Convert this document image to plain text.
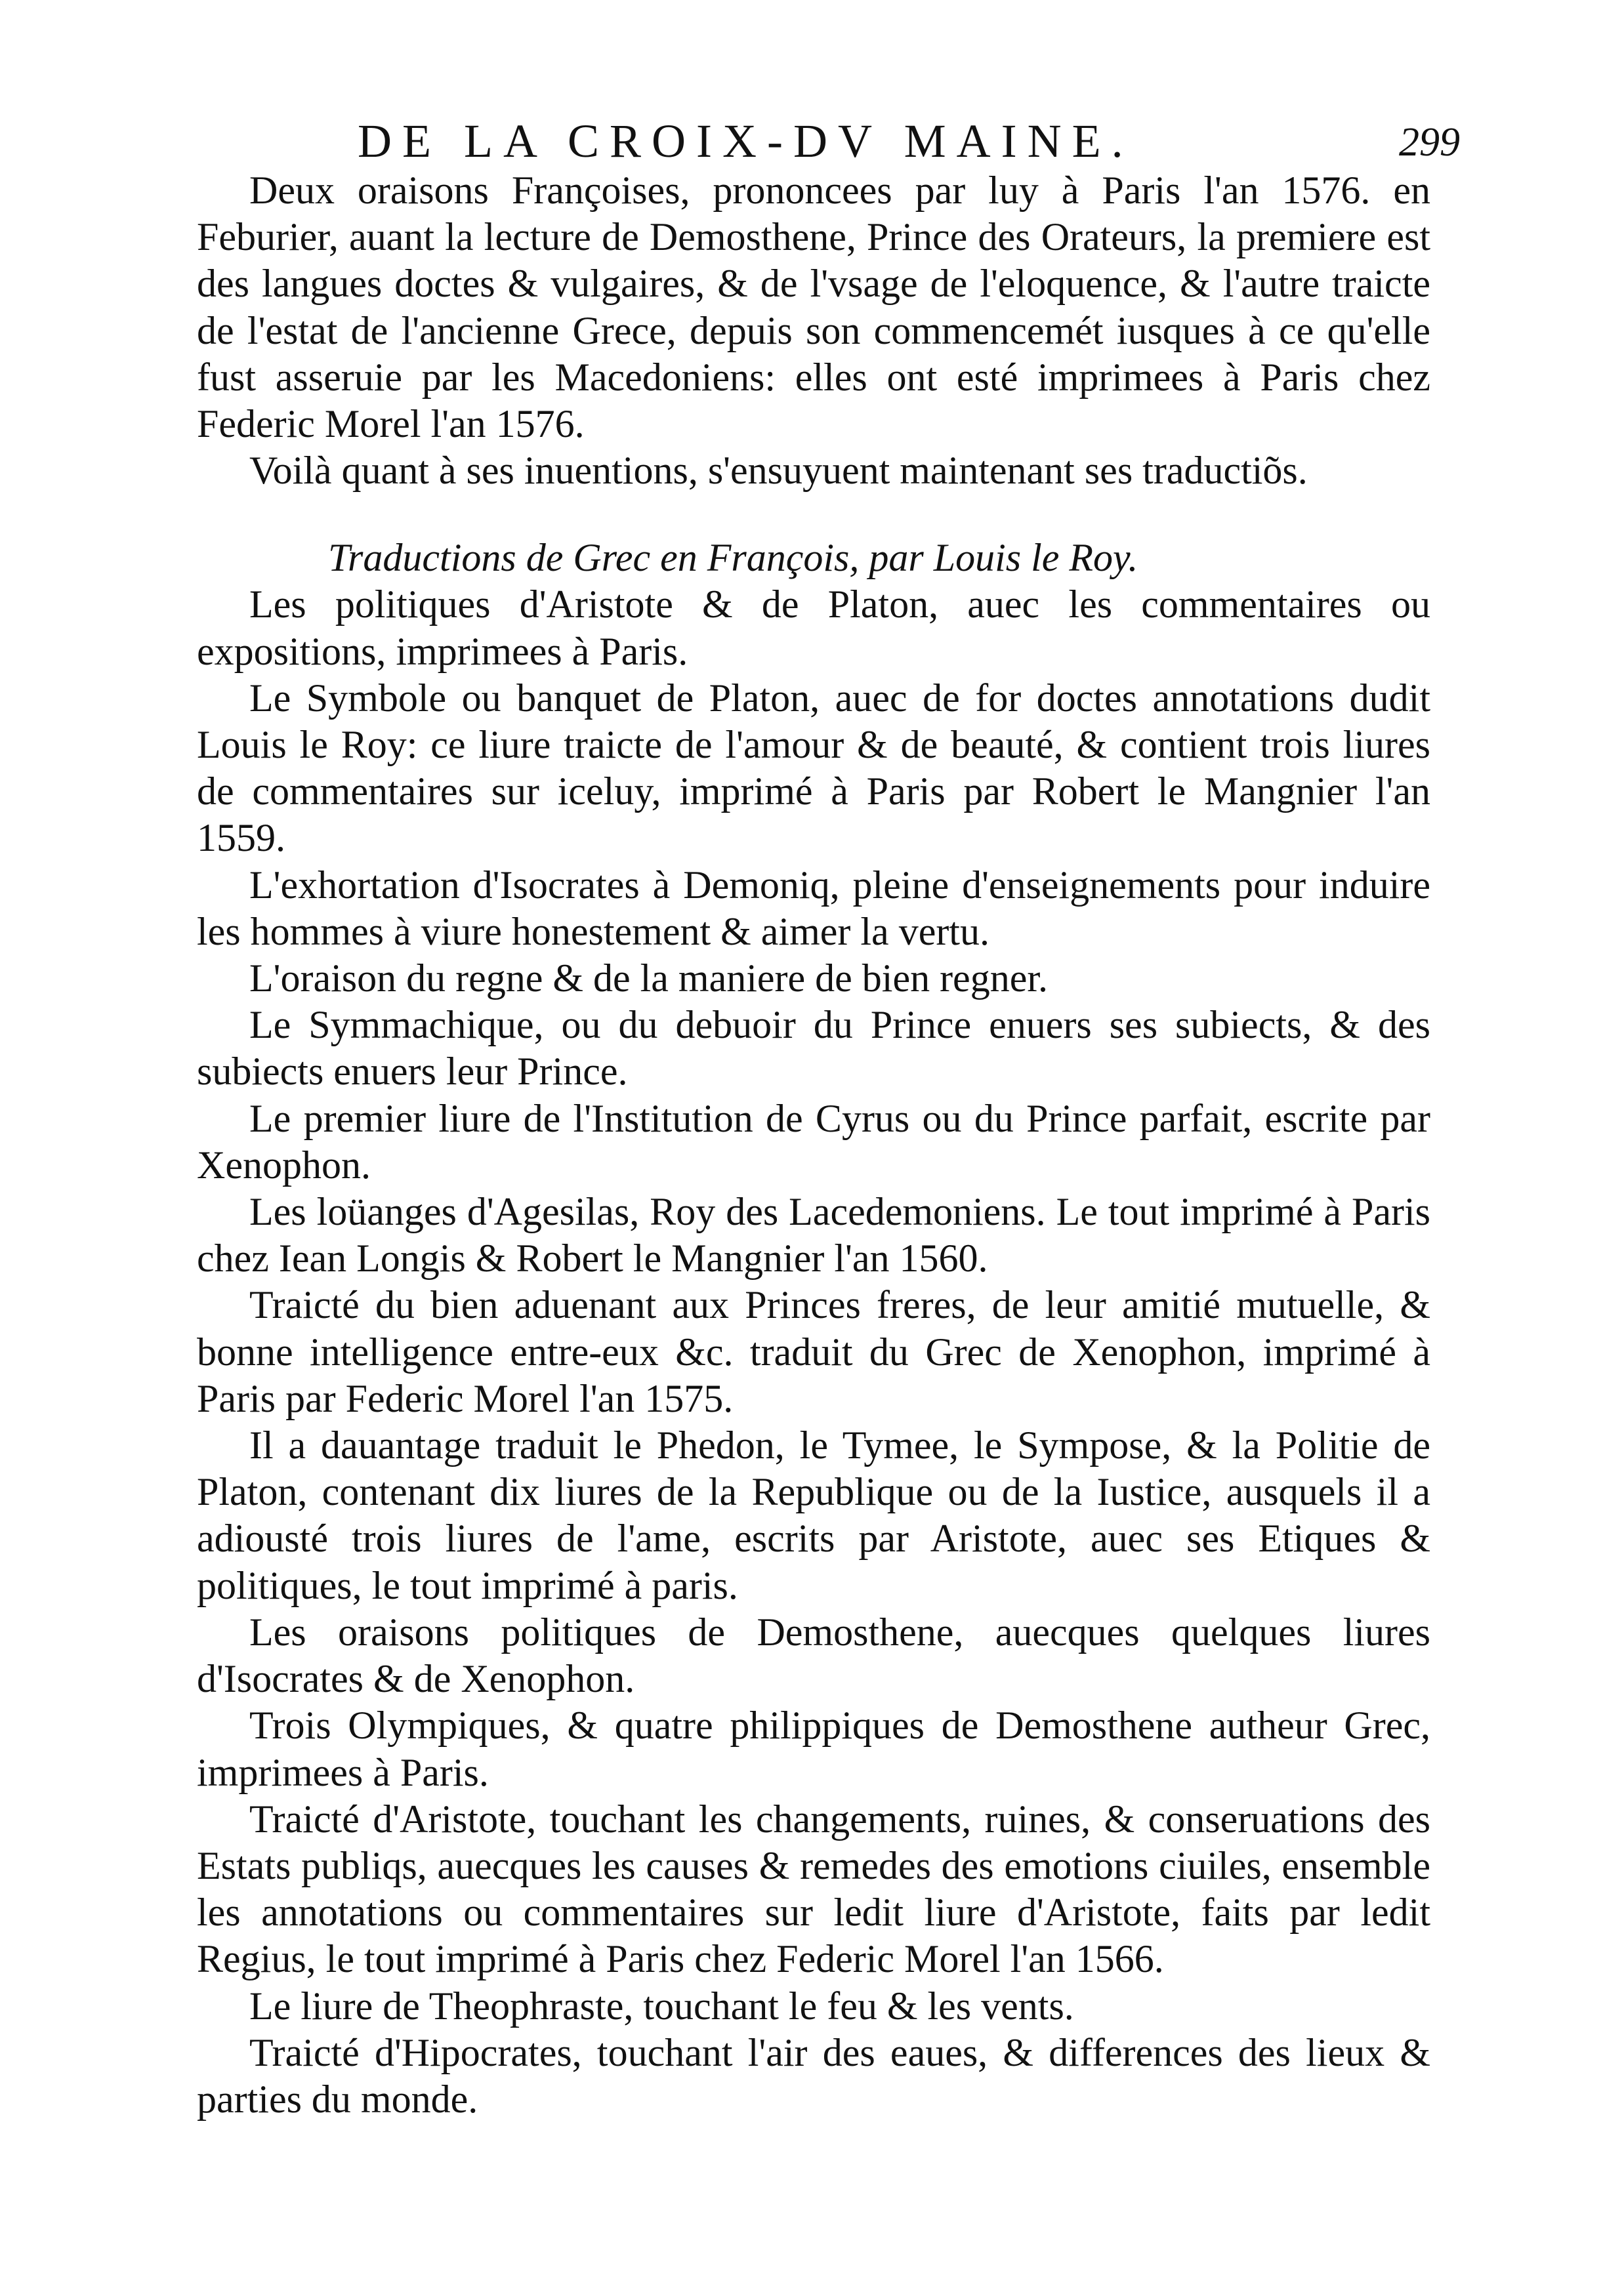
DE LA CROIX-DV MAINE.	299

Deux oraisons Françoises, prononcees par luy à Paris l'an 1576. en Feburier, auant la lecture de Demosthene, Prince des Orateurs, la premiere est des langues doctes & vulgaires, & de l'vsage de l'eloquence, & l'autre traicte de l'estat de l'ancienne Grece, depuis son commencemét iusques à ce qu'elle fust asseruie par les Macedoniens: elles ont esté imprimees à Paris chez Federic Morel l'an 1576.

Voilà quant à ses inuentions, s'ensuyuent maintenant ses traductiõs.

Traductions de Grec en François, par Louis le Roy.

Les politiques d'Aristote & de Platon, auec les commentaires ou expositions, imprimees à Paris.

Le Symbole ou banquet de Platon, auec de for doctes annotations dudit Louis le Roy: ce liure traicte de l'amour & de beauté, & contient trois liures de commentaires sur iceluy, imprimé à Paris par Robert le Mangnier l'an 1559.

L'exhortation d'Isocrates à Demoniq, pleine d'enseignements pour induire les hommes à viure honestement & aimer la vertu.

L'oraison du regne & de la maniere de bien regner.

Le Symmachique, ou du debuoir du Prince enuers ses subiects, & des subiects enuers leur Prince.

Le premier liure de l'Institution de Cyrus ou du Prince parfait, escrite par Xenophon.

Les loüanges d'Agesilas, Roy des Lacedemoniens. Le tout imprimé à Paris chez Iean Longis & Robert le Mangnier l'an 1560.

Traicté du bien aduenant aux Princes freres, de leur amitié mutuelle, & bonne intelligence entre-eux &c. traduit du Grec de Xenophon, imprimé à Paris par Federic Morel l'an 1575.

Il a dauantage traduit le Phedon, le Tymee, le Sympose, & la Politie de Platon, contenant dix liures de la Republique ou de la Iustice, ausquels il a adiousté trois liures de l'ame, escrits par Aristote, auec ses Etiques & politiques, le tout imprimé à paris.

Les oraisons politiques de Demosthene, auecques quelques liures d'Isocrates & de Xenophon.

Trois Olympiques, & quatre philippiques de Demosthene autheur Grec, imprimees à Paris.

Traicté d'Aristote, touchant les changements, ruines, & conseruations des Estats publiqs, auecques les causes & remedes des emotions ciuiles, ensemble les annotations ou commentaires sur ledit liure d'Aristote, faits par ledit Regius, le tout imprimé à Paris chez Federic Morel l'an 1566.

Le liure de Theophraste, touchant le feu & les vents.

Traicté d'Hipocrates, touchant l'air des eaues, & differences des lieux & parties du monde.
